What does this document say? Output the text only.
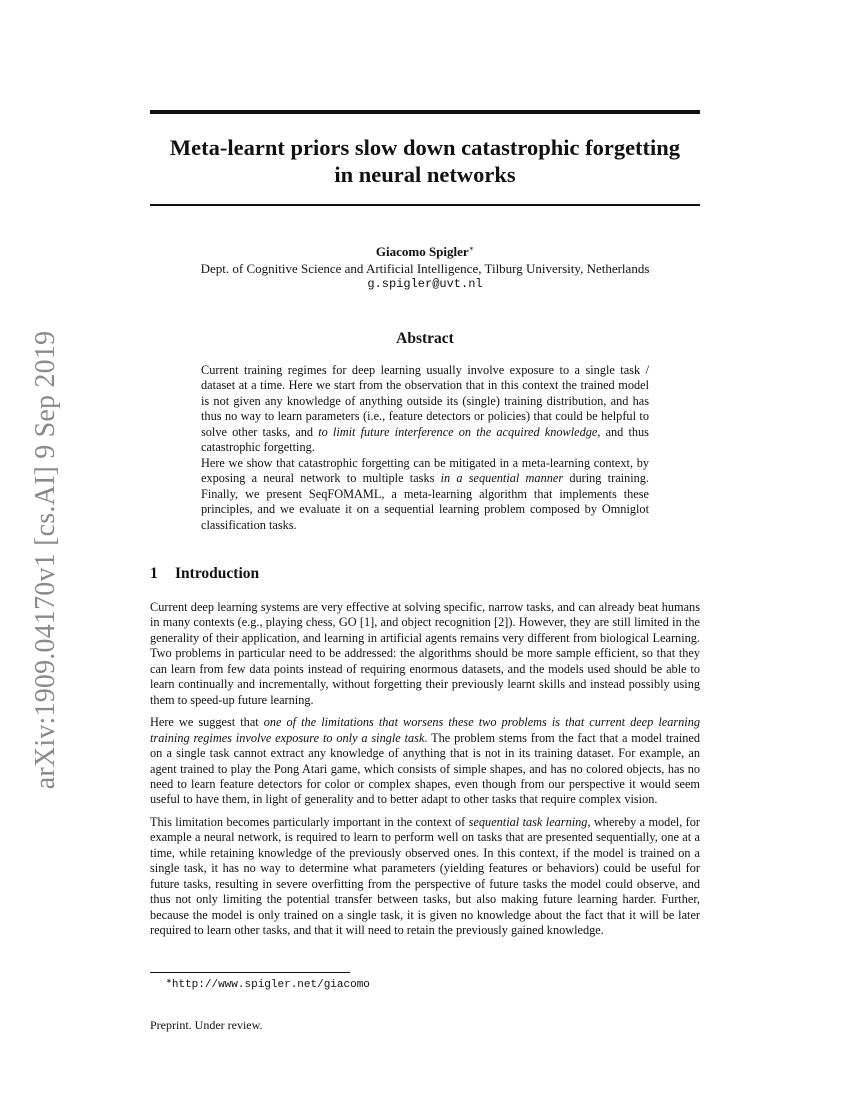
arXiv:1909.04170v1 [cs.AI] 9 Sep 2019
Meta-learnt priors slow down catastrophic forgetting
in neural networks
Giacomo Spigler∗
Dept. of Cognitive Science and Artificial Intelligence, Tilburg University, Netherlands
g.spigler@uvt.nl
Abstract

Current training regimes for deep learning usually involve exposure to a single task / dataset at a time. Here we start from the observation that in this context the trained model is not given any knowledge of anything outside its (single) training distribution, and has thus no way to learn parameters (i.e., feature detectors or policies) that could be helpful to solve other tasks, and to limit future interference on the acquired knowledge, and thus catastrophic forgetting.

Here we show that catastrophic forgetting can be mitigated in a meta-learning context, by exposing a neural network to multiple tasks in a sequential manner during training. Finally, we present SeqFOMAML, a meta-learning algorithm that implements these principles, and we evaluate it on a sequential learning problem composed by Omniglot classification tasks.

1 Introduction

Current deep learning systems are very effective at solving specific, narrow tasks, and can already beat humans in many contexts (e.g., playing chess, GO [1], and object recognition [2]). However, they are still limited in the generality of their application, and learning in artificial agents remains very different from biological Learning. Two problems in particular need to be addressed: the algorithms should be more sample efficient, so that they can learn from few data points instead of requiring enormous datasets, and the models used should be able to learn continually and incrementally, without forgetting their previously learnt skills and instead possibly using them to speed-up future learning.

Here we suggest that one of the limitations that worsens these two problems is that current deep learning training regimes involve exposure to only a single task. The problem stems from the fact that a model trained on a single task cannot extract any knowledge of anything that is not in its training dataset. For example, an agent trained to play the Pong Atari game, which consists of simple shapes, and has no colored objects, has no need to learn feature detectors for color or complex shapes, even though from our perspective it would seem useful to have them, in light of generality and to better adapt to other tasks that require complex vision.

This limitation becomes particularly important in the context of sequential task learning, whereby a model, for example a neural network, is required to learn to perform well on tasks that are presented sequentially, one at a time, while retaining knowledge of the previously observed ones. In this context, if the model is trained on a single task, it has no way to determine what parameters (yielding features or behaviors) could be useful for future tasks, resulting in severe overfitting from the perspective of future tasks the model could observe, and thus not only limiting the potential transfer between tasks, but also making future learning harder. Further, because the model is only trained on a single task, it is given no knowledge about the fact that it will be later required to learn other tasks, and that it will need to retain the previously gained knowledge.

∗http://www.spigler.net/giacomo
Preprint. Under review.
